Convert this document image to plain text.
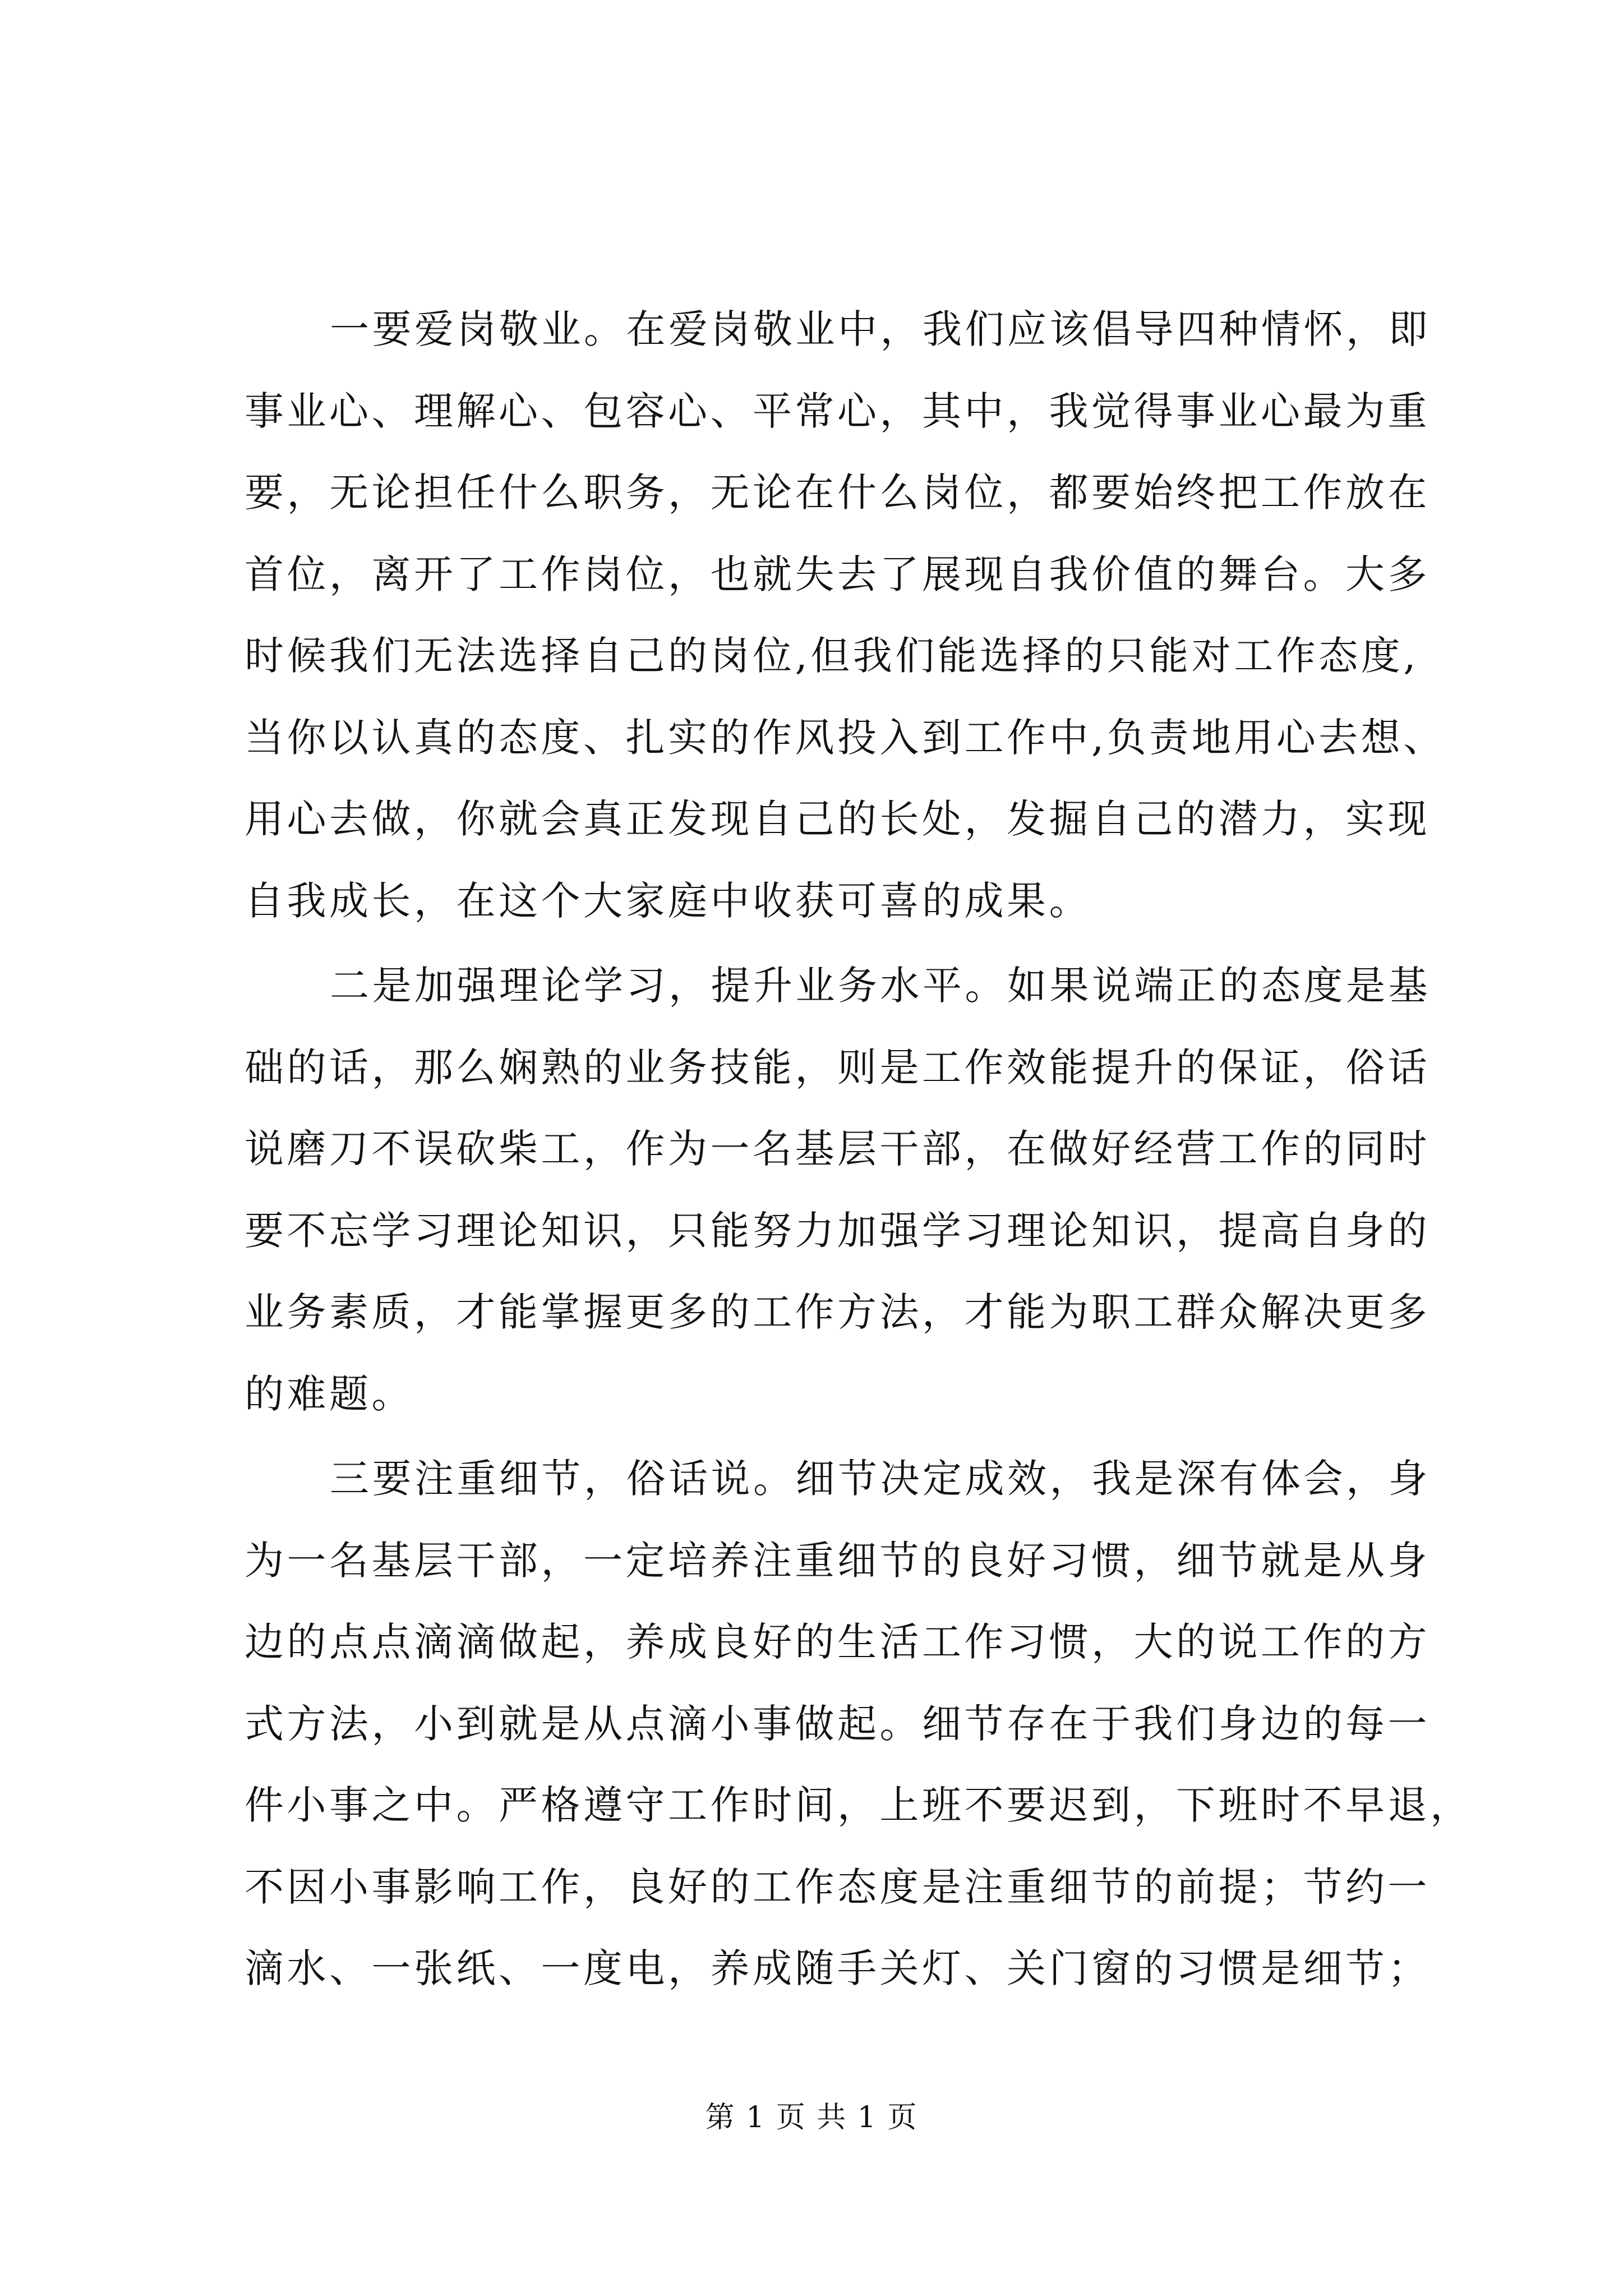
一要爱岗敬业。在爱岗敬业中，我们应该倡导四种情怀，即
事业心、理解心、包容心、平常心，其中，我觉得事业心最为重
要，无论担任什么职务，无论在什么岗位，都要始终把工作放在
首位，离开了工作岗位，也就失去了展现自我价值的舞台。大多
时候我们无法选择自己的岗位,但我们能选择的只能对工作态度,
当你以认真的态度、扎实的作风投入到工作中,负责地用心去想、
用心去做，你就会真正发现自己的长处，发掘自己的潜力，实现
自我成长，在这个大家庭中收获可喜的成果。
二是加强理论学习，提升业务水平。如果说端正的态度是基
础的话，那么娴熟的业务技能，则是工作效能提升的保证，俗话
说磨刀不误砍柴工，作为一名基层干部，在做好经营工作的同时
要不忘学习理论知识，只能努力加强学习理论知识，提高自身的
业务素质，才能掌握更多的工作方法，才能为职工群众解决更多
的难题。
三要注重细节，俗话说。细节决定成效，我是深有体会，身
为一名基层干部，一定培养注重细节的良好习惯，细节就是从身
边的点点滴滴做起，养成良好的生活工作习惯，大的说工作的方
式方法，小到就是从点滴小事做起。细节存在于我们身边的每一
件小事之中。严格遵守工作时间，上班不要迟到，下班时不早退，
不因小事影响工作，良好的工作态度是注重细节的前提；节约一
滴水、一张纸、一度电，养成随手关灯、关门窗的习惯是细节；
第 1 页 共 1 页
